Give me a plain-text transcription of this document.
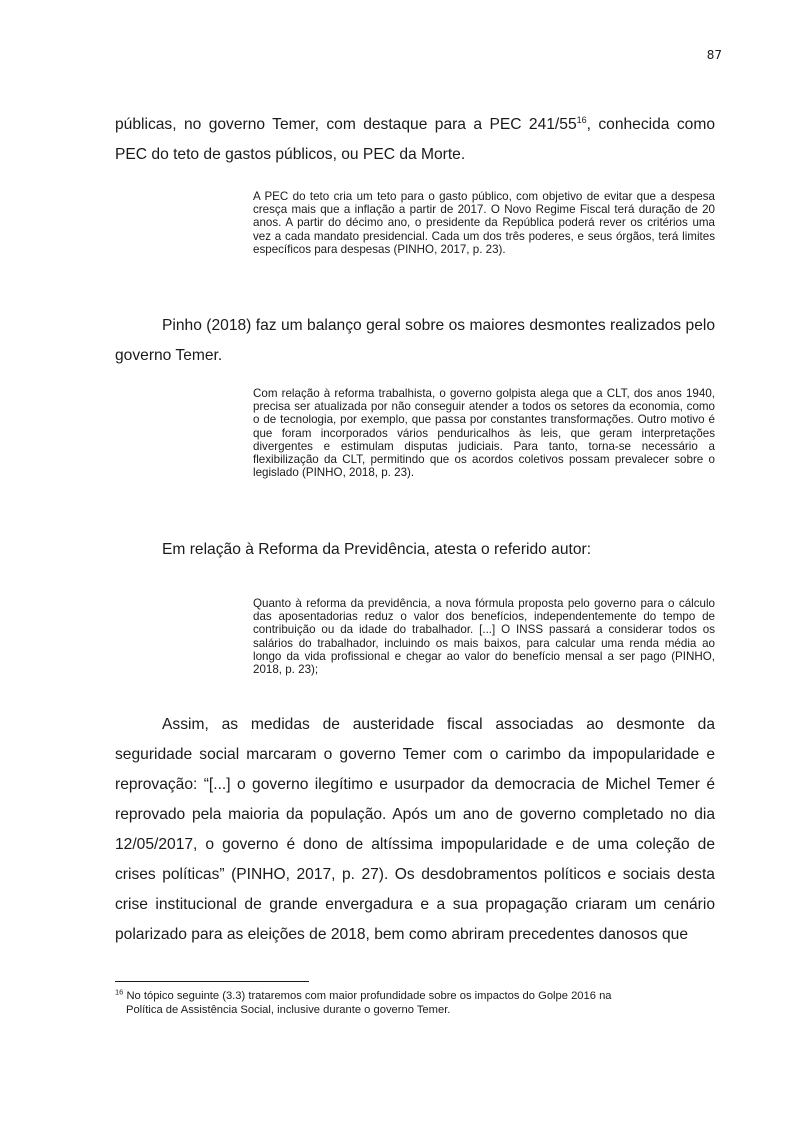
87

públicas, no governo Temer, com destaque para a PEC $241/55^{16}$, conhecida como PEC do teto de gastos públicos, ou PEC da Morte.

A PEC do teto cria um teto para o gasto público, com objetivo de evitar que a despesa cresça mais que a inflação a partir de 2017. O Novo Regime Fiscal terá duração de 20 anos. A partir do décimo ano, o presidente da República poderá rever os critérios uma vez a cada mandato presidencial. Cada um dos três poderes, e seus órgãos, terá limites específicos para despesas (PINHO, 2017, p. 23).

Pinho (2018) faz um balanço geral sobre os maiores desmontes realizados pelo governo Temer.

Com relação à reforma trabalhista, o governo golpista alega que a CLT, dos anos 1940, precisa ser atualizada por não conseguir atender a todos os setores da economia, como o de tecnologia, por exemplo, que passa por constantes transformações. Outro motivo é que foram incorporados vários penduricalhos às leis, que geram interpretações divergentes e estimulam disputas judiciais. Para tanto, torna-se necessário a flexibilização da CLT, permitindo que os acordos coletivos possam prevalecer sobre o legislado (PINHO, 2018, p. 23).

Em relação à Reforma da Previdência, atesta o referido autor:

Quanto à reforma da previdência, a nova fórmula proposta pelo governo para o cálculo das aposentadorias reduz o valor dos benefícios, independentemente do tempo de contribuição ou da idade do trabalhador. [...] O INSS passará a considerar todos os salários do trabalhador, incluindo os mais baixos, para calcular uma renda média ao longo da vida profissional e chegar ao valor do benefício mensal a ser pago (PINHO, 2018, p. 23);

Assim, as medidas de austeridade fiscal associadas ao desmonte da seguridade social marcaram o governo Temer com o carimbo da impopularidade e reprovação: “[...] o governo ilegítimo e usurpador da democracia de Michel Temer é reprovado pela maioria da população. Após um ano de governo completado no dia 12/05/2017, o governo é dono de altíssima impopularidade e de uma coleção de crises políticas” (PINHO, 2017, p. 27). Os desdobramentos políticos e sociais desta crise institucional de grande envergadura e a sua propagação criaram um cenário polarizado para as eleições de 2018, bem como abriram precedentes danosos que

$^{16}$ No tópico seguinte (3.3) trataremos com maior profundidade sobre os impactos do Golpe 2016 na
Política de Assistência Social, inclusive durante o governo Temer.
